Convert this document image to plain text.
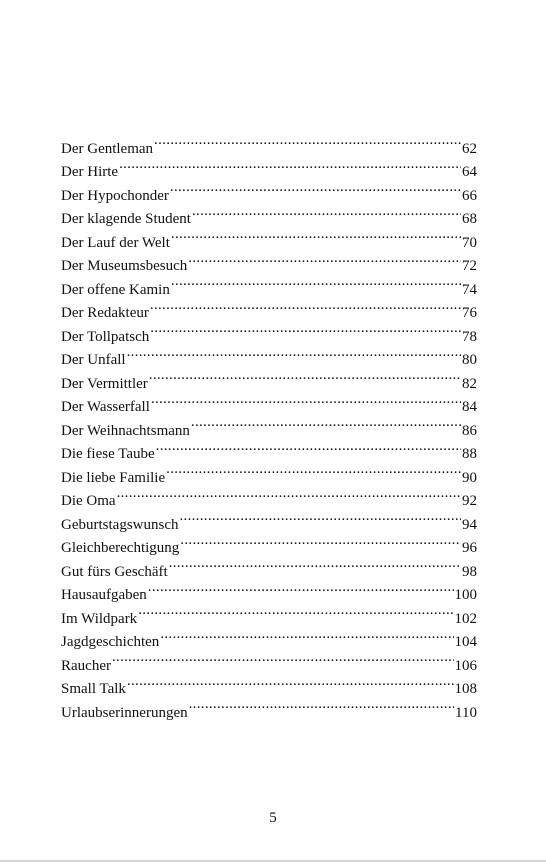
Der Gentleman .....	62
Der Hirte .....	64
Der Hypochonder .....	66
Der klagende Student .....	68
Der Lauf der Welt .....	70
Der Museumsbesuch .....	72
Der offene Kamin .....	74
Der Redakteur .....	76
Der Tollpatsch .....	78
Der Unfall .....	80
Der Vermittler .....	82
Der Wasserfall .....	84
Der Weihnachtsmann .....	86
Die fiese Taube .....	88
Die liebe Familie .....	90
Die Oma .....	92
Geburtstagswunsch .....	94
Gleichberechtigung .....	96
Gut fürs Geschäft .....	98
Hausaufgaben .....	100
Im Wildpark .....	102
Jagdgeschichten .....	104
Raucher .....	106
Small Talk .....	108
Urlaubserinnerungen .....	110
5
